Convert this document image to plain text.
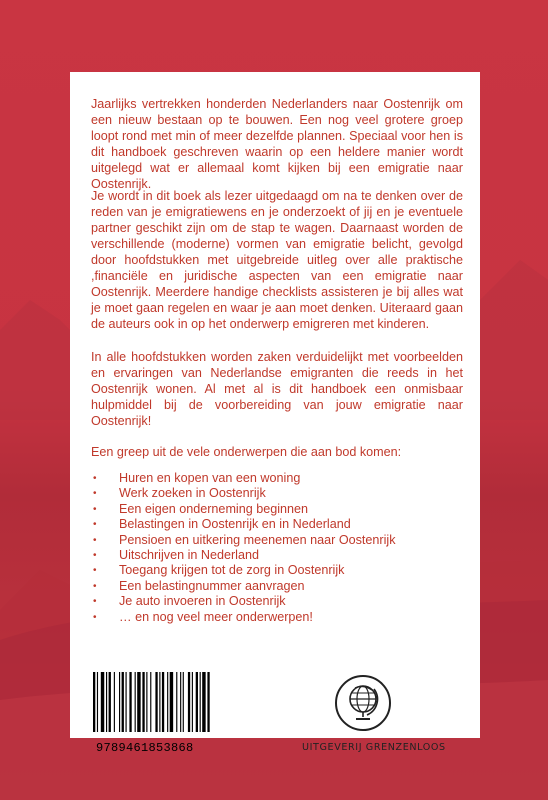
Jaarlijks vertrekken honderden Nederlanders naar Oostenrijk om een nieuw bestaan op te bouwen. Een nog veel grotere groep loopt rond met min of meer dezelfde plannen. Speciaal voor hen is dit handboek geschreven waarin op een heldere manier wordt uitgelegd wat er allemaal komt kijken bij een emigratie naar Oostenrijk.

Je wordt in dit boek als lezer uitgedaagd om na te denken over de reden van je emigratiewens en je onderzoekt of jij en je eventuele partner geschikt zijn om de stap te wagen. Daarnaast worden de verschillende (moderne) vormen van emigratie belicht, gevolgd door hoofdstukken met uitgebreide uitleg over alle praktische ,financiële en juridische aspecten van een emigratie naar Oostenrijk. Meerdere handige checklists assisteren je bij alles wat je moet gaan regelen en waar je aan moet denken. Uiteraard gaan de auteurs ook in op het onderwerp emigreren met kinderen.

In alle hoofdstukken worden zaken verduidelijkt met voorbeelden en ervaringen van Nederlandse emigranten die reeds in het Oostenrijk wonen. Al met al is dit handboek een onmisbaar hulpmiddel bij de voorbereiding van jouw emigratie naar Oostenrijk!

Een greep uit de vele onderwerpen die aan bod komen:

•	Huren en kopen van een woning
•	Werk zoeken in Oostenrijk
•	Een eigen onderneming beginnen
•	Belastingen in Oostenrijk en in Nederland
•	Pensioen en uitkering meenemen naar Oostenrijk
•	Uitschrijven in Nederland
•	Toegang krijgen tot de zorg in Oostenrijk
•	Een belastingnummer aanvragen
•	Je auto invoeren in Oostenrijk
•	… en nog veel meer onderwerpen!
9789461853868	UITGEVERIJ GRENZENLOOS
